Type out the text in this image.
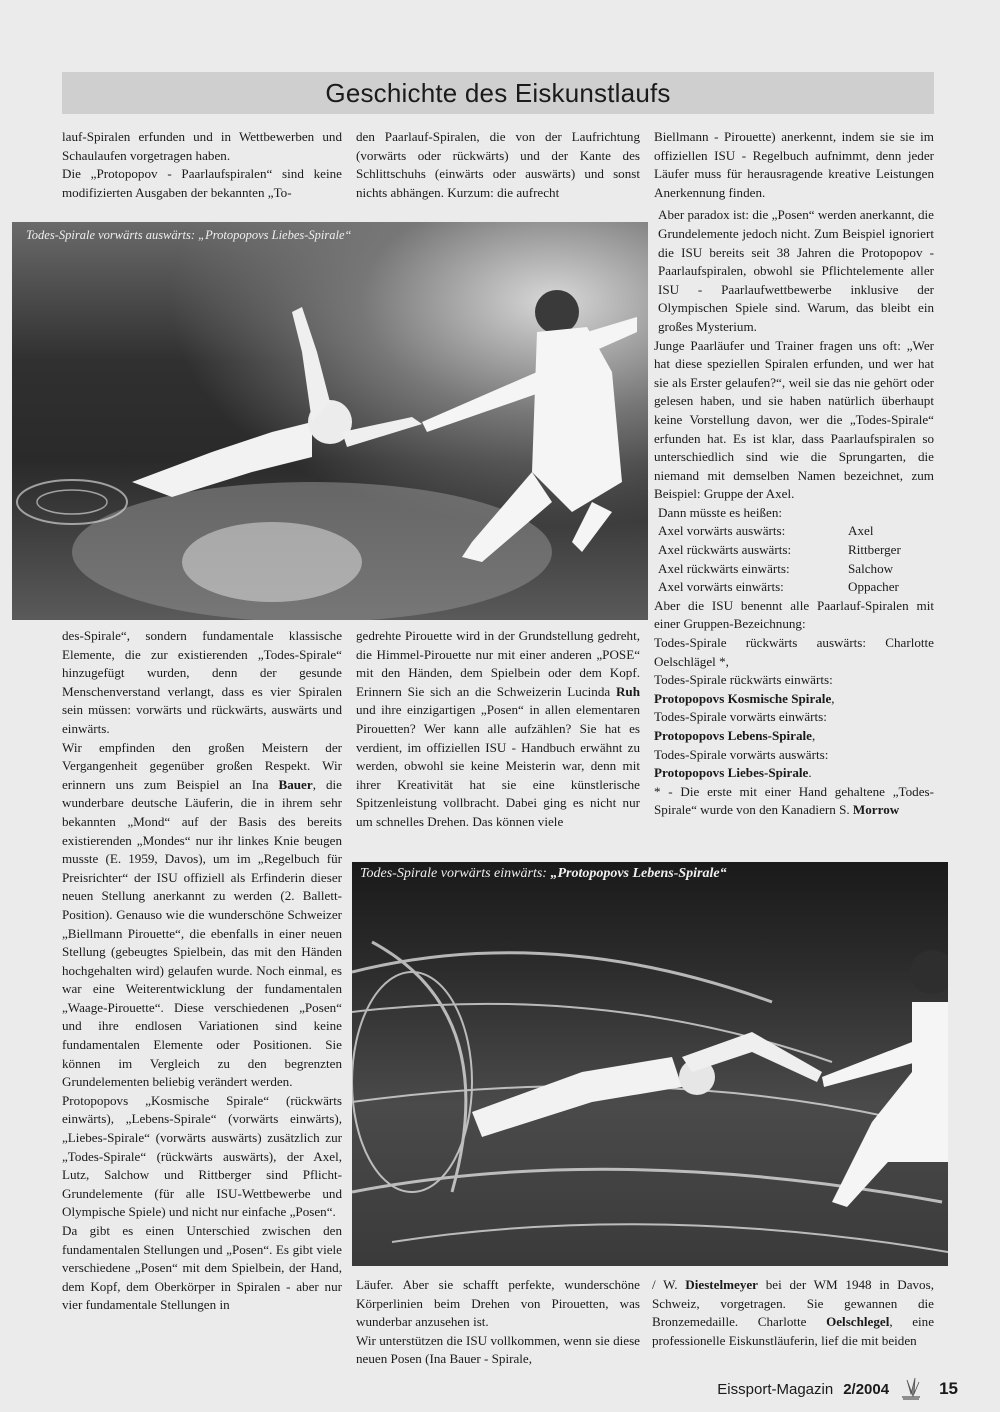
Geschichte des Eiskunstlaufs

lauf-Spiralen erfunden und in Wettbewerben und Schaulaufen vorgetragen haben.

Die „Protopopov - Paarlaufspiralen“ sind keine modifizierten Ausgaben der bekannten „To-

den Paarlauf-Spiralen, die von der Laufrichtung (vorwärts oder rückwärts) und der Kante des Schlittschuhs (einwärts oder auswärts) und sonst nichts abhängen. Kurzum: die aufrecht

Biellmann - Pirouette) anerkennt, indem sie sie im offiziellen ISU - Regelbuch aufnimmt, denn jeder Läufer muss für herausragende kreative Leistungen Anerkennung finden.

Aber paradox ist: die „Posen“ werden anerkannt, die Grundelemente jedoch nicht. Zum Beispiel ignoriert die ISU bereits seit 38 Jahren die Protopopov - Paarlaufspiralen, obwohl sie Pflichtelemente aller ISU - Paarlaufwettbewerbe inklusive der Olympischen Spiele sind. Warum, das bleibt ein großes Mysterium.

Junge Paarläufer und Trainer fragen uns oft: „Wer hat diese speziellen Spiralen erfunden, und wer hat sie als Erster gelaufen?“, weil sie das nie gehört oder gelesen haben, und sie haben natürlich überhaupt keine Vorstellung davon, wer die „Todes-Spirale“ erfunden hat. Es ist klar, dass Paarlaufspiralen so unterschiedlich sind wie die Sprungarten, die niemand mit demselben Namen bezeichnet, zum Beispiel: Gruppe der Axel.

Dann müsste es heißen:

Axel vorwärts auswärts:	Axel
Axel rückwärts auswärts:	Rittberger
Axel rückwärts einwärts:	Salchow
Axel vorwärts einwärts:	Oppacher

Aber die ISU benennt alle Paarlauf-Spiralen mit einer Gruppen-Bezeichnung:

Todes-Spirale rückwärts auswärts: Charlotte Oelschlägel *,

Todes-Spirale rückwärts einwärts:

Protopopovs Kosmische Spirale,

Todes-Spirale vorwärts einwärts:

Protopopovs Lebens-Spirale,

Todes-Spirale vorwärts auswärts:

Protopopovs Liebes-Spirale.

* - Die erste mit einer Hand gehaltene „Todes-Spirale“ wurde von den Kanadiern S. Morrow

Todes-Spirale vorwärts auswärts: „Protopopovs Liebes-Spirale“

des-Spirale“, sondern fundamentale klassische Elemente, die zur existierenden „Todes-Spirale“ hinzugefügt wurden, denn der gesunde Menschenverstand verlangt, dass es vier Spiralen sein müssen: vorwärts und rückwärts, auswärts und einwärts.

Wir empfinden den großen Meistern der Vergangenheit gegenüber großen Respekt. Wir erinnern uns zum Beispiel an Ina Bauer, die wunderbare deutsche Läuferin, die in ihrem sehr bekannten „Mond“ auf der Basis des bereits existierenden „Mondes“ nur ihr linkes Knie beugen musste (E. 1959, Davos), um im „Regelbuch für Preisrichter“ der ISU offiziell als Erfinderin dieser neuen Stellung anerkannt zu werden (2. Ballett-Position). Genauso wie die wunderschöne Schweizer „Biellmann Pirouette“, die ebenfalls in einer neuen Stellung (gebeugtes Spielbein, das mit den Händen hochgehalten wird) gelaufen wurde. Noch einmal, es war eine Weiterentwicklung der fundamentalen „Waage-Pirouette“. Diese verschiedenen „Posen“ und ihre endlosen Variationen sind keine fundamentalen Elemente oder Positionen. Sie können im Vergleich zu den begrenzten Grundelementen beliebig verändert werden.

Protopopovs „Kosmische Spirale“ (rückwärts einwärts), „Lebens-Spirale“ (vorwärts einwärts), „Liebes-Spirale“ (vorwärts auswärts) zusätzlich zur „Todes-Spirale“ (rückwärts auswärts), der Axel, Lutz, Salchow und Rittberger sind Pflicht-Grundelemente (für alle ISU-Wettbewerbe und Olympische Spiele) und nicht nur einfache „Posen“.

Da gibt es einen Unterschied zwischen den fundamentalen Stellungen und „Posen“. Es gibt viele verschiedene „Posen“ mit dem Spielbein, der Hand, dem Kopf, dem Oberkörper in Spiralen - aber nur vier fundamentale Stellungen in

gedrehte Pirouette wird in der Grundstellung gedreht, die Himmel-Pirouette nur mit einer anderen „POSE“ mit den Händen, dem Spielbein oder dem Kopf. Erinnern Sie sich an die Schweizerin Lucinda Ruh und ihre einzigartigen „Posen“ in allen elementaren Pirouetten? Wer kann alle aufzählen? Sie hat es verdient, im offiziellen ISU - Handbuch erwähnt zu werden, obwohl sie keine Meisterin war, denn mit ihrer Kreativität hat sie eine künstlerische Spitzenleistung vollbracht. Dabei ging es nicht nur um schnelles Drehen. Das können viele

Todes-Spirale vorwärts einwärts: „Protopopovs Lebens-Spirale“

Läufer. Aber sie schafft perfekte, wunderschöne Körperlinien beim Drehen von Pirouetten, was wunderbar anzusehen ist.

Wir unterstützen die ISU vollkommen, wenn sie diese neuen Posen (Ina Bauer - Spirale,

/ W. Diestelmeyer bei der WM 1948 in Davos, Schweiz, vorgetragen. Sie gewannen die Bronzemedaille. Charlotte Oelschlegel, eine professionelle Eiskunstläuferin, lief die mit beiden

Eissport-Magazin 2/2004	15
